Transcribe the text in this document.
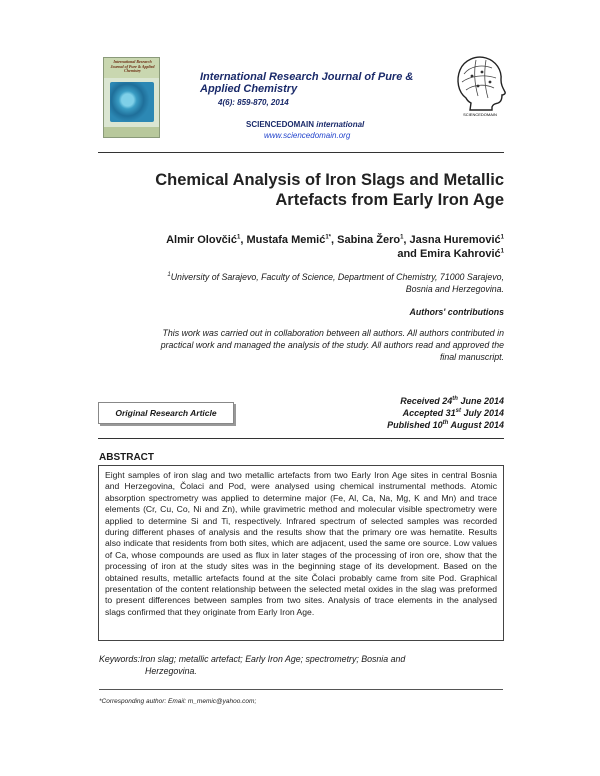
International Research Journal of Pure & Applied Chemistry
International Research Journal of Pure &
Applied Chemistry
4(6): 859-870, 2014
SCIENCEDOMAIN international
www.sciencedomain.org
SCIENCEDOMAIN
Chemical Analysis of Iron Slags and Metallic
Artefacts from Early Iron Age
Almir Olovčić$^1$, Mustafa Memić$^{1*}$, Sabina Žero$^1$, Jasna Huremović$^1$
and Emira Kahrović$^1$
$^1$University of Sarajevo, Faculty of Science, Department of Chemistry, 71000 Sarajevo,
Bosnia and Herzegovina.
Authors' contributions
This work was carried out in collaboration between all authors. All authors contributed in
practical work and managed the analysis of the study. All authors read and approved the
final manuscript.
Original Research Article
Received 24th June 2014
Accepted 31st July 2014
Published 10th August 2014
ABSTRACT
Eight samples of iron slag and two metallic artefacts from two Early Iron Age sites in central Bosnia and Herzegovina, Čolaci and Pod, were analysed using chemical instrumental methods. Atomic absorption spectrometry was applied to determine major (Fe, Al, Ca, Na, Mg, K and Mn) and trace elements (Cr, Cu, Co, Ni and Zn), while gravimetric method and molecular visible spectrometry were applied to determine Si and Ti, respectively. Infrared spectrum of selected samples was recorded during different phases of analysis and the results show that the primary ore was hematite. Results also indicate that residents from both sites, which are adjacent, used the same ore source. Low values of Ca, whose compounds are used as flux in later stages of the processing of iron ore, show that the processing of iron at the study sites was in the beginning stage of its development. Based on the obtained results, metallic artefacts found at the site Čolaci probably came from site Pod. Graphical presentation of the content relationship between the selected metal oxides in the slag was preformed to present differences between samples from two sites. Analysis of trace elements in the analysed slags confirmed that they originate from Early Iron Age.
Keywords:Iron slag; metallic artefact; Early Iron Age; spectrometry; Bosnia and
Herzegovina.
*Corresponding author: Email: m_memic@yahoo.com;
